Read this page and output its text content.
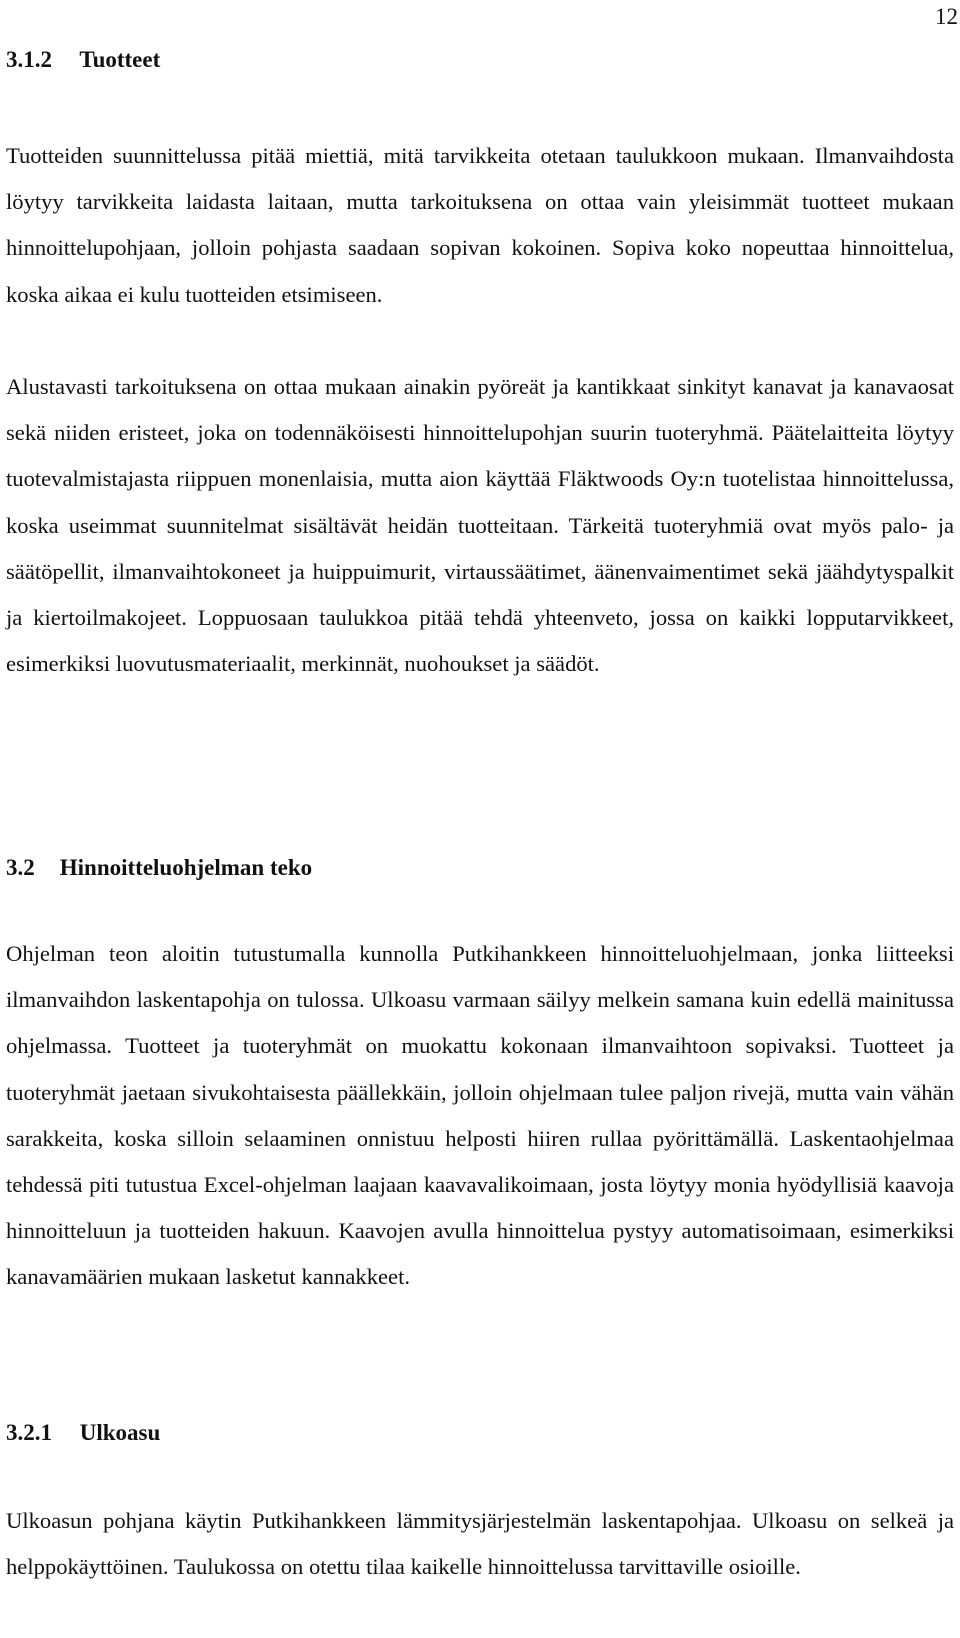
12
3.1.2 Tuotteet

Tuotteiden suunnittelussa pitää miettiä, mitä tarvikkeita otetaan taulukkoon mukaan. Ilmanvaihdosta löytyy tarvikkeita laidasta laitaan, mutta tarkoituksena on ottaa vain yleisimmät tuotteet mukaan hinnoittelupohjaan, jolloin pohjasta saadaan sopivan kokoinen. Sopiva koko nopeuttaa hinnoittelua, koska aikaa ei kulu tuotteiden etsimiseen.

Alustavasti tarkoituksena on ottaa mukaan ainakin pyöreät ja kantikkaat sinkityt kanavat ja kanavaosat sekä niiden eristeet, joka on todennäköisesti hinnoittelupohjan suurin tuoteryhmä. Päätelaitteita löytyy tuotevalmistajasta riippuen monenlaisia, mutta aion käyttää Fläktwoods Oy:n tuotelistaa hinnoittelussa, koska useimmat suunnitelmat sisältävät heidän tuotteitaan. Tärkeitä tuoteryhmiä ovat myös palo- ja säätöpellit, ilmanvaihtokoneet ja huippuimurit, virtaussäätimet, äänenvaimentimet sekä jäähdytyspalkit ja kiertoilmakojeet. Loppuosaan taulukkoa pitää tehdä yhteenveto, jossa on kaikki lopputarvikkeet, esimerkiksi luovutusmateriaalit, merkinnät, nuohoukset ja säädöt.

3.2 Hinnoitteluohjelman teko

Ohjelman teon aloitin tutustumalla kunnolla Putkihankkeen hinnoitteluohjelmaan, jonka liitteeksi ilmanvaihdon laskentapohja on tulossa. Ulkoasu varmaan säilyy melkein samana kuin edellä mainitussa ohjelmassa. Tuotteet ja tuoteryhmät on muokattu kokonaan ilmanvaihtoon sopivaksi. Tuotteet ja tuoteryhmät jaetaan sivukohtaisesta päällekkäin, jolloin ohjelmaan tulee paljon rivejä, mutta vain vähän sarakkeita, koska silloin selaaminen onnistuu helposti hiiren rullaa pyörittämällä. Laskentaohjelmaa tehdessä piti tutustua Excel-ohjelman laajaan kaavavalikoimaan, josta löytyy monia hyödyllisiä kaavoja hinnoitteluun ja tuotteiden hakuun. Kaavojen avulla hinnoittelua pystyy automatisoimaan, esimerkiksi kanavamäärien mukaan lasketut kannakkeet.

3.2.1 Ulkoasu

Ulkoasun pohjana käytin Putkihankkeen lämmitysjärjestelmän laskentapohjaa. Ulkoasu on selkeä ja helppokäyttöinen. Taulukossa on otettu tilaa kaikelle hinnoittelussa tarvittaville osioille.
